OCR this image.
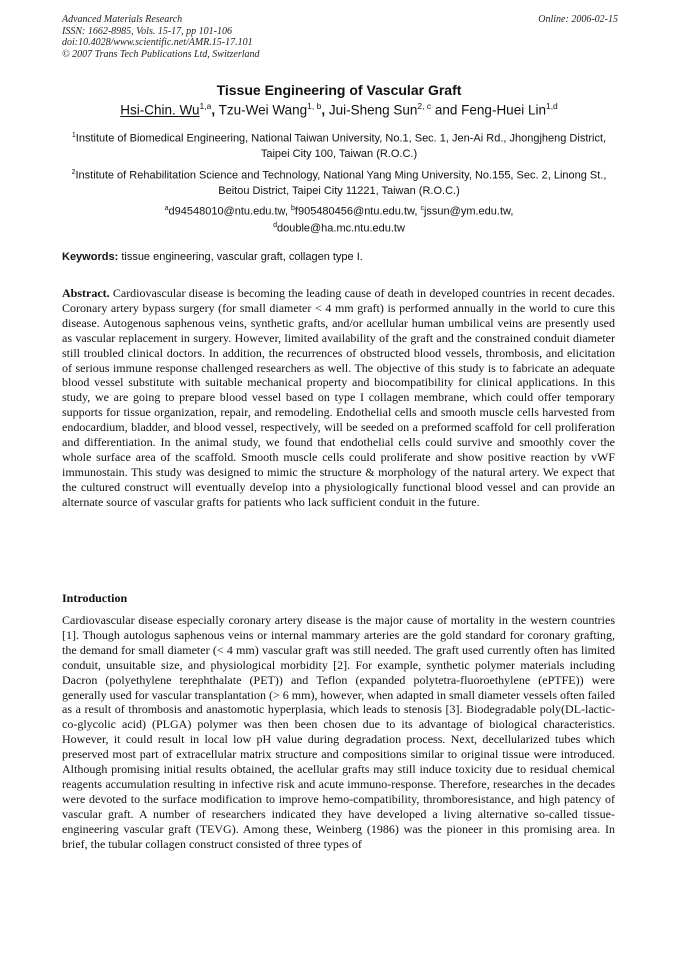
Advanced Materials Research
ISSN: 1662-8985, Vols. 15-17, pp 101-106
doi:10.4028/www.scientific.net/AMR.15-17.101
© 2007 Trans Tech Publications Ltd, Switzerland
Online: 2006-02-15
Tissue Engineering of Vascular Graft
Hsi-Chin. Wu$^{1,a}$, Tzu-Wei Wang$^{1, b}$, Jui-Sheng Sun$^{2, c}$ and Feng-Huei Lin$^{1,d}$
$^1$Institute of Biomedical Engineering, National Taiwan University, No.1, Sec. 1, Jen-Ai Rd., Jhongjheng District, Taipei City 100, Taiwan (R.O.C.)
$^2$Institute of Rehabilitation Science and Technology, National Yang Ming University, No.155, Sec. 2, Linong St., Beitou District, Taipei City 11221, Taiwan (R.O.C.)
$^a$d94548010@ntu.edu.tw, $^b$f905480456@ntu.edu.tw, $^c$jssun@ym.edu.tw,
$^d$double@ha.mc.ntu.edu.tw
Keywords: tissue engineering, vascular graft, collagen type I.
Abstract. Cardiovascular disease is becoming the leading cause of death in developed countries in recent decades. Coronary artery bypass surgery (for small diameter < 4 mm graft) is performed annually in the world to cure this disease. Autogenous saphenous veins, synthetic grafts, and/or acellular human umbilical veins are presently used as vascular replacement in surgery. However, limited availability of the graft and the constrained conduit diameter still troubled clinical doctors. In addition, the recurrences of obstructed blood vessels, thrombosis, and elicitation of serious immune response challenged researchers as well. The objective of this study is to fabricate an adequate blood vessel substitute with suitable mechanical property and biocompatibility for clinical applications. In this study, we are going to prepare blood vessel based on type I collagen membrane, which could offer temporary supports for tissue organization, repair, and remodeling. Endothelial cells and smooth muscle cells harvested from endocardium, bladder, and blood vessel, respectively, will be seeded on a preformed scaffold for cell proliferation and differentiation. In the animal study, we found that endothelial cells could survive and smoothly cover the whole surface area of the scaffold. Smooth muscle cells could proliferate and show positive reaction by vWF immunostain. This study was designed to mimic the structure & morphology of the natural artery. We expect that the cultured construct will eventually develop into a physiologically functional blood vessel and can provide an alternate source of vascular grafts for patients who lack sufficient conduit in the future.
Introduction
Cardiovascular disease especially coronary artery disease is the major cause of mortality in the western countries [1]. Though autologus saphenous veins or internal mammary arteries are the gold standard for coronary grafting, the demand for small diameter (< 4 mm) vascular graft was still needed. The graft used currently often has limited conduit, unsuitable size, and physiological morbidity [2]. For example, synthetic polymer materials including Dacron (polyethylene terephthalate (PET)) and Teflon (expanded polytetra-fluoroethylene (ePTFE)) were generally used for vascular transplantation (> 6 mm), however, when adapted in small diameter vessels often failed as a result of thrombosis and anastomotic hyperplasia, which leads to stenosis [3]. Biodegradable poly(DL-lactic-co-glycolic acid) (PLGA) polymer was then been chosen due to its advantage of biological characteristics. However, it could result in local low pH value during degradation process. Next, decellularized tubes which preserved most part of extracellular matrix structure and compositions similar to original tissue were introduced. Although promising initial results obtained, the acellular grafts may still induce toxicity due to residual chemical reagents accumulation resulting in infective risk and acute immuno-response. Therefore, researches in the decades were devoted to the surface modification to improve hemo-compatibility, thromboresistance, and high patency of vascular graft. A number of researchers indicated they have developed a living alternative so-called tissue-engineering vascular graft (TEVG). Among these, Weinberg (1986) was the pioneer in this promising area. In brief, the tubular collagen construct consisted of three types of
